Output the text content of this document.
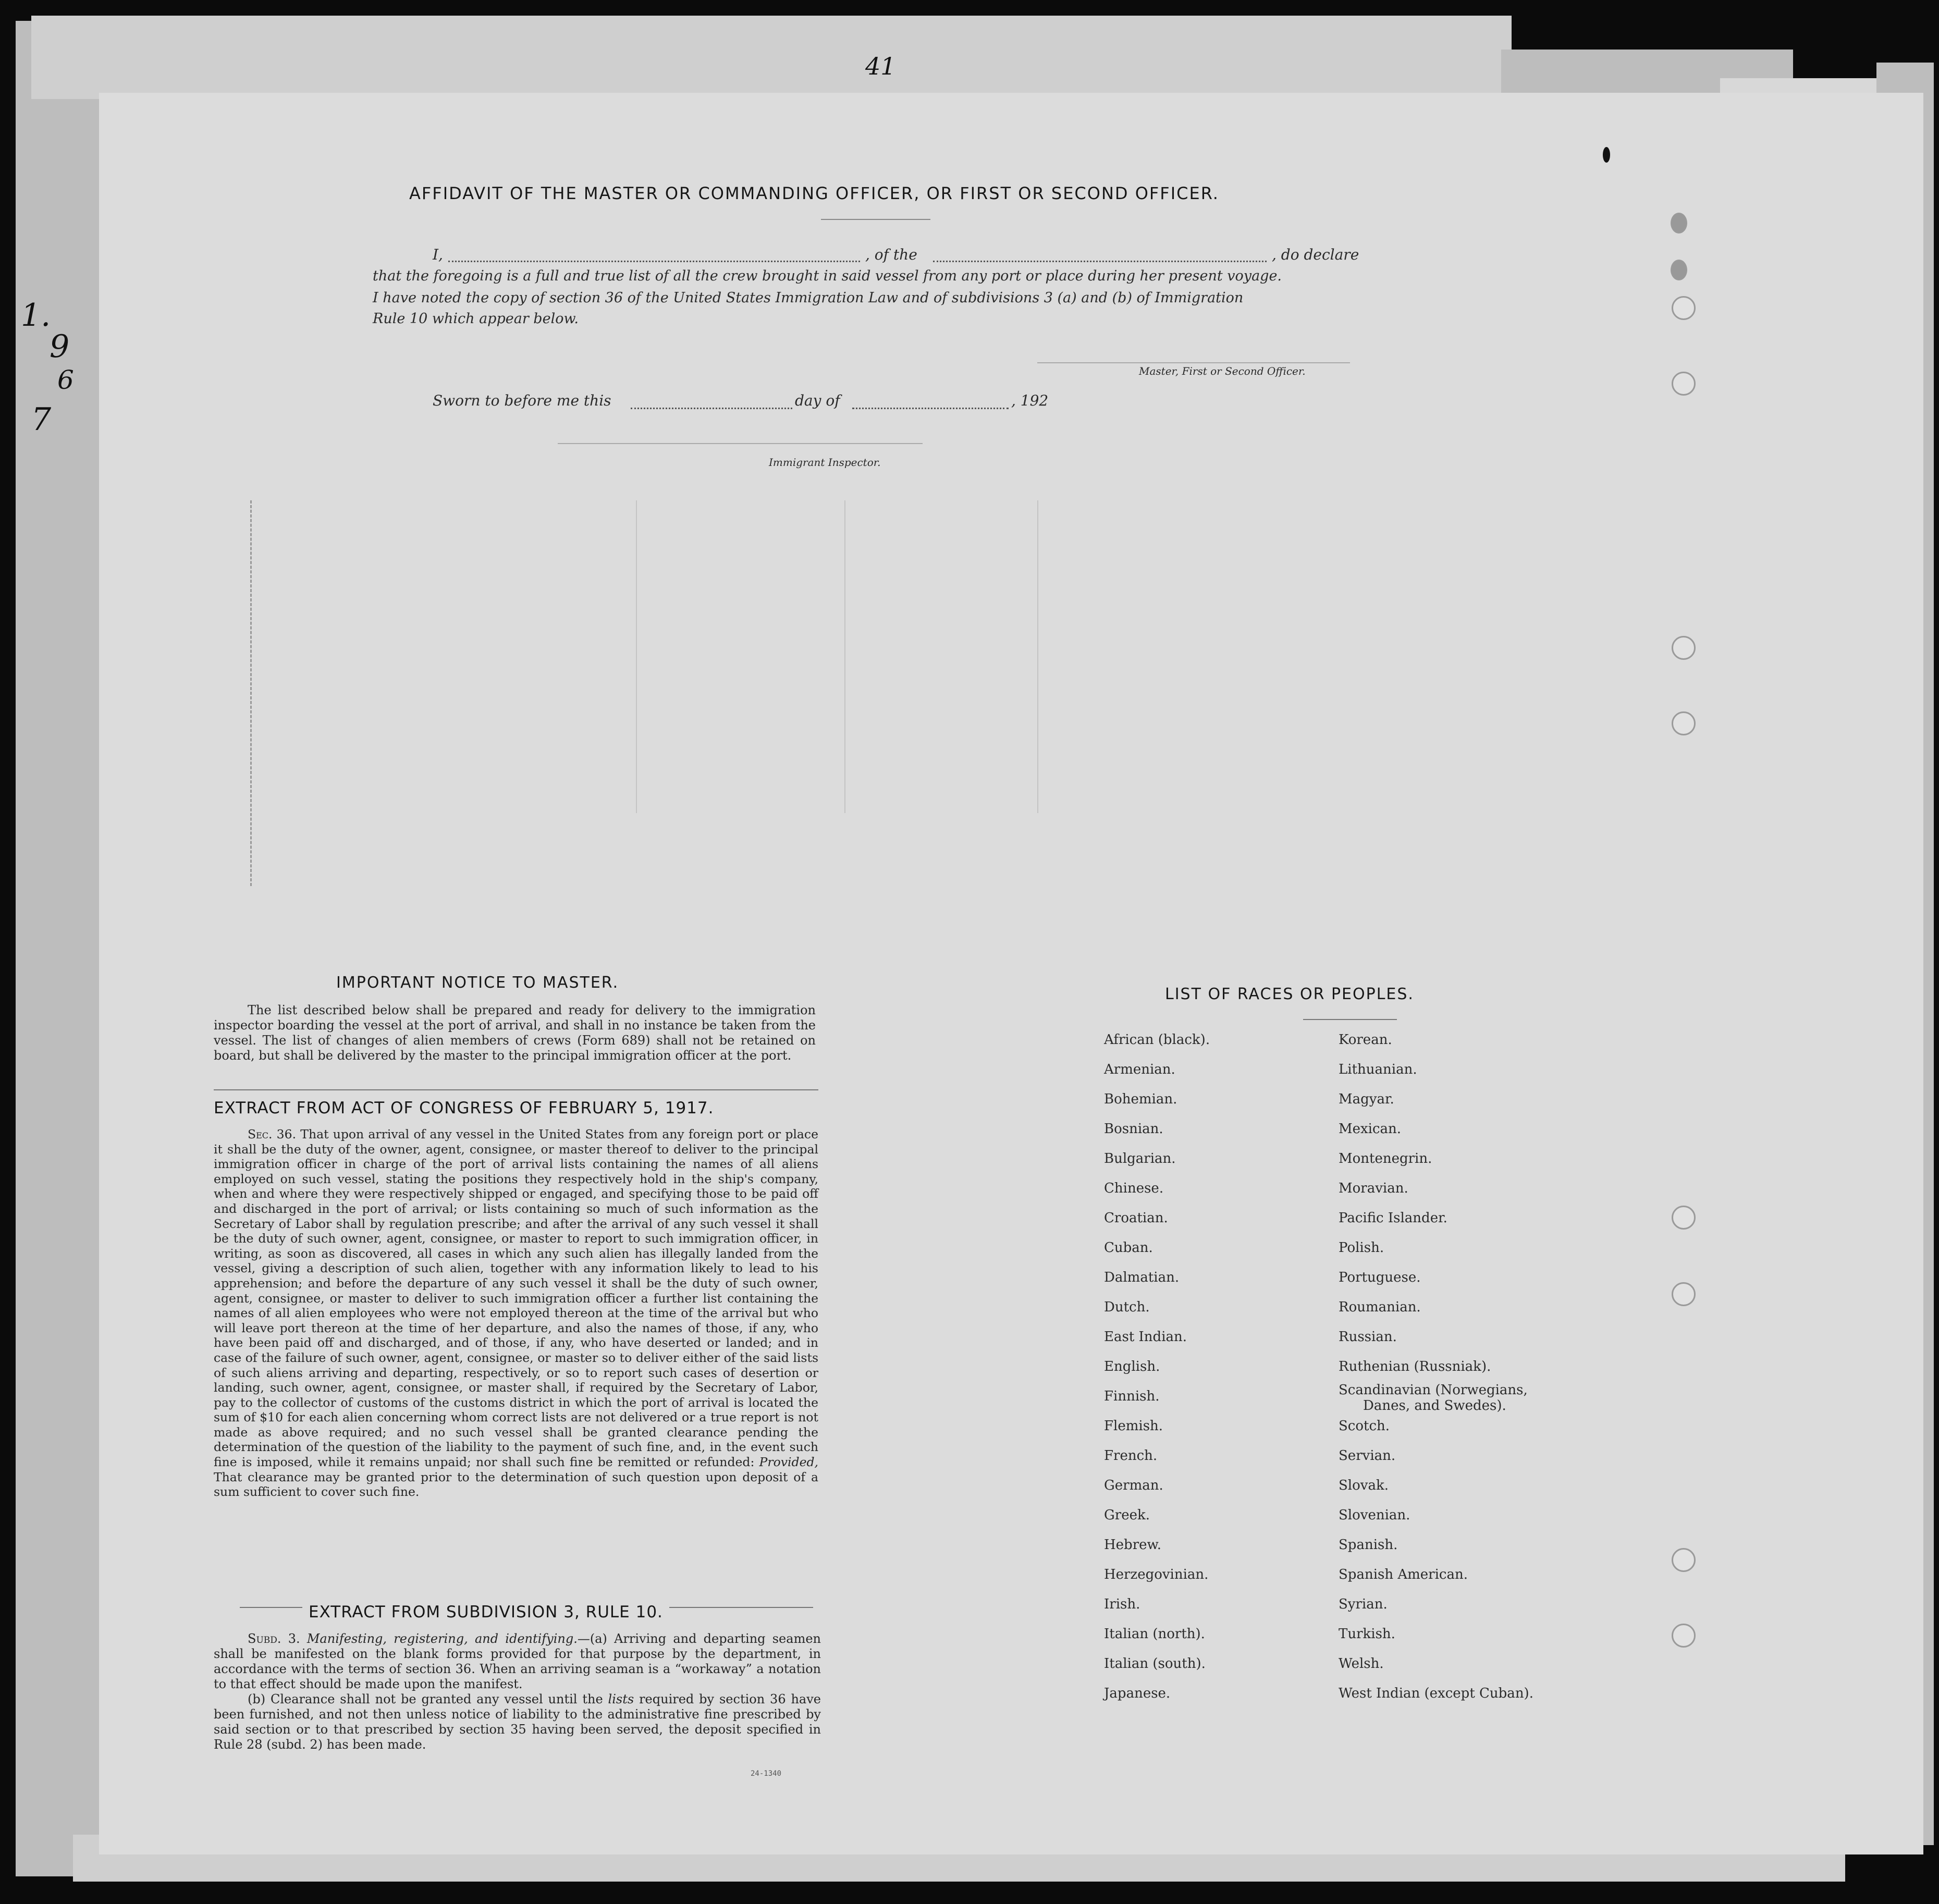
1.
9
6
7
41
AFFIDAVIT OF THE MASTER OR COMMANDING OFFICER, OR FIRST OR SECOND OFFICER.
I,	, of the	, do declare
that the foregoing is a full and true list of all the crew brought in said vessel from any port or place during her present voyage.
I have noted the copy of section 36 of the United States Immigration Law and of subdivisions 3 (a) and (b) of Immigration
Rule 10 which appear below.
Master, First or Second Officer.
Sworn to before me this	day of	, 192
Immigrant Inspector.
IMPORTANT NOTICE TO MASTER.

The list described below shall be prepared and ready for delivery to the immigration inspector boarding the vessel at the port of arrival, and shall in no instance be taken from the vessel. The list of changes of alien members of crews (Form 689) shall not be retained on board, but shall be delivered by the master to the principal immigration officer at the port.

EXTRACT FROM ACT OF CONGRESS OF FEBRUARY 5, 1917.

Sec. 36. That upon arrival of any vessel in the United States from any foreign port or place it shall be the duty of the owner, agent, consignee, or master thereof to deliver to the principal immigration officer in charge of the port of arrival lists containing the names of all aliens employed on such vessel, stating the positions they respectively hold in the ship's company, when and where they were respectively shipped or engaged, and specifying those to be paid off and discharged in the port of arrival; or lists containing so much of such information as the Secretary of Labor shall by regulation prescribe; and after the arrival of any such vessel it shall be the duty of such owner, agent, consignee, or master to report to such immigration officer, in writing, as soon as discovered, all cases in which any such alien has illegally landed from the vessel, giving a description of such alien, together with any information likely to lead to his apprehension; and before the departure of any such vessel it shall be the duty of such owner, agent, consignee, or master to deliver to such immigration officer a further list containing the names of all alien employees who were not employed thereon at the time of the arrival but who will leave port thereon at the time of her departure, and also the names of those, if any, who have been paid off and discharged, and of those, if any, who have deserted or landed; and in case of the failure of such owner, agent, consignee, or master so to deliver either of the said lists of such aliens arriving and departing, respectively, or so to report such cases of desertion or landing, such owner, agent, consignee, or master shall, if required by the Secretary of Labor, pay to the collector of customs of the customs district in which the port of arrival is located the sum of $10 for each alien concerning whom correct lists are not delivered or a true report is not made as above required; and no such vessel shall be granted clearance pending the determination of the question of the liability to the payment of such fine, and, in the event such fine is imposed, while it remains unpaid; nor shall such fine be remitted or refunded: Provided, That clearance may be granted prior to the determination of such question upon deposit of a sum sufficient to cover such fine.

EXTRACT FROM SUBDIVISION 3, RULE 10.

Subd. 3. Manifesting, registering, and identifying.—(a) Arriving and departing seamen shall be manifested on the blank forms provided for that purpose by the department, in accordance with the terms of section 36. When an arriving seaman is a “workaway” a notation to that effect should be made upon the manifest.

(b) Clearance shall not be granted any vessel until the lists required by section 36 have been furnished, and not then unless notice of liability to the administrative fine prescribed by said section or to that prescribed by section 35 having been served, the deposit specified in Rule 28 (subd. 2) has been made.

24-1340
LIST OF RACES OR PEOPLES.
African (black).
Armenian.
Bohemian.
Bosnian.
Bulgarian.
Chinese.
Croatian.
Cuban.
Dalmatian.
Dutch.
East Indian.
English.
Finnish.
Flemish.
French.
German.
Greek.
Hebrew.
Herzegovinian.
Irish.
Italian (north).
Italian (south).
Japanese.
Korean.
Lithuanian.
Magyar.
Mexican.
Montenegrin.
Moravian.
Pacific Islander.
Polish.
Portuguese.
Roumanian.
Russian.
Ruthenian (Russniak).
Scandinavian (Norwegians,
Danes, and Swedes).
Scotch.
Servian.
Slovak.
Slovenian.
Spanish.
Spanish American.
Syrian.
Turkish.
Welsh.
West Indian (except Cuban).
